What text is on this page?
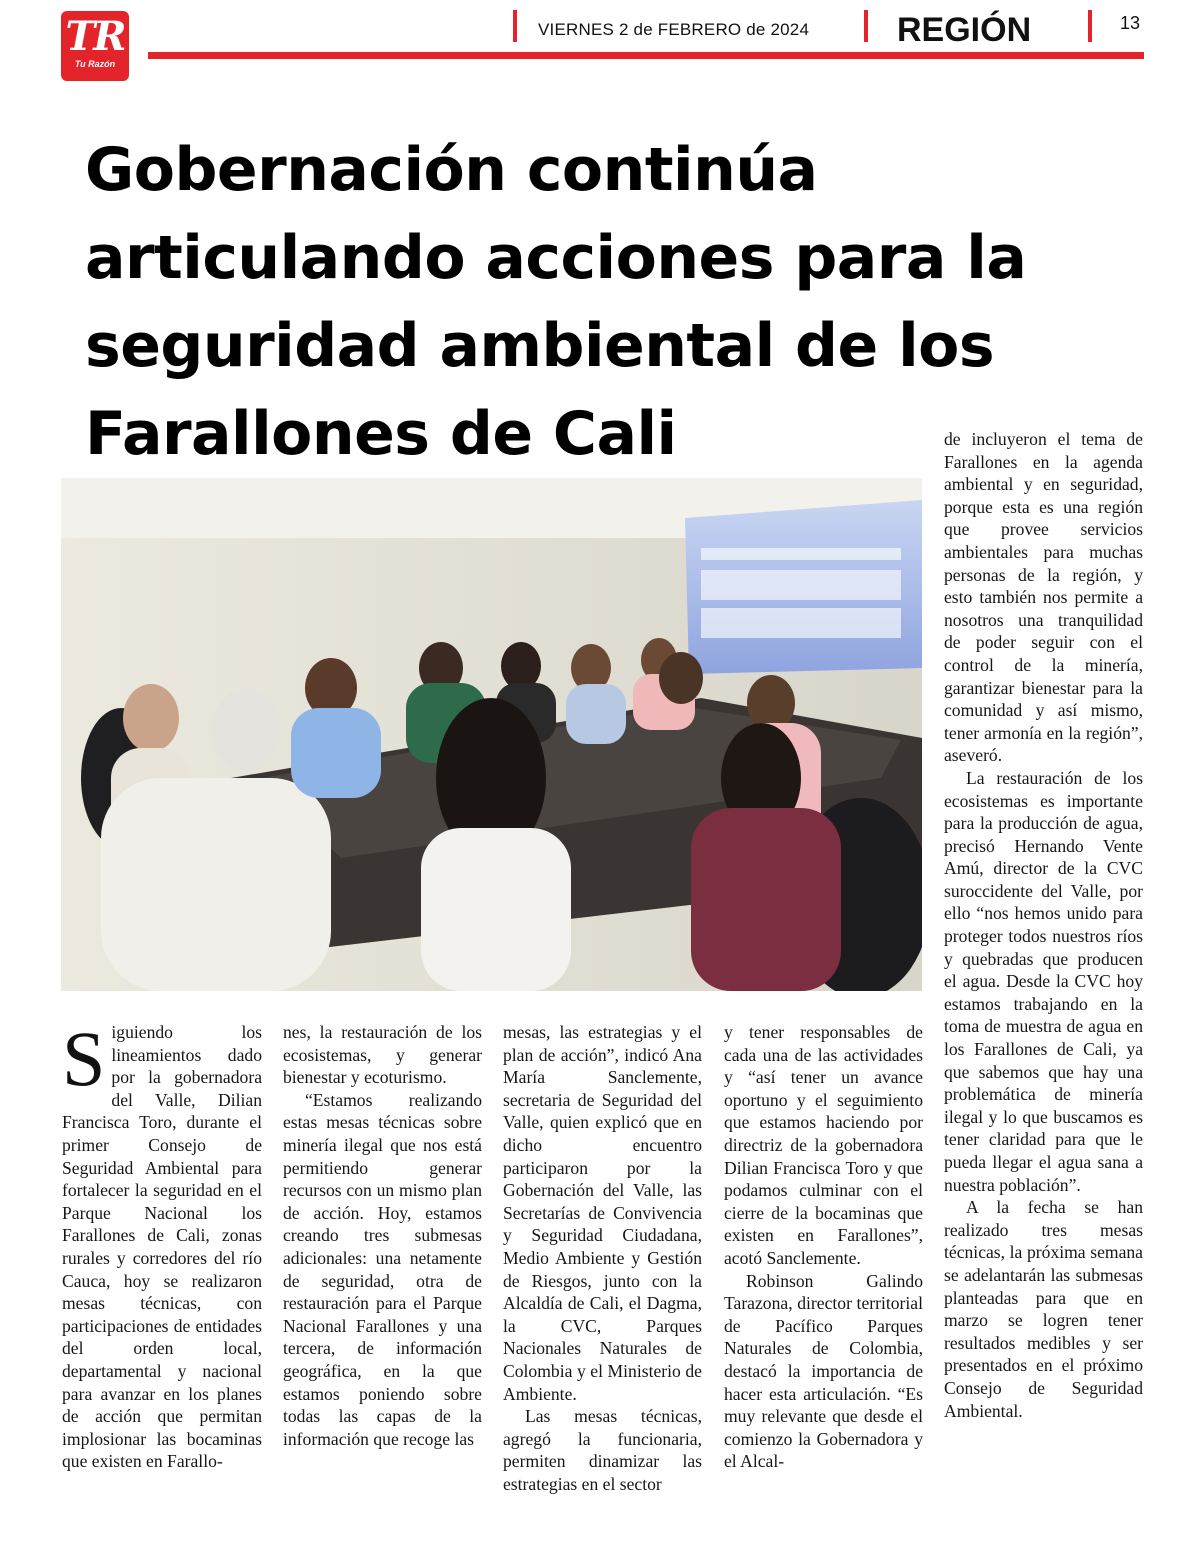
TR
Tu Razón
VIERNES 2 de FEBRERO de 2024	REGIÓN	13
Gobernación continúa articulando acciones para la seguridad ambiental de los Farallones de Cali

Siguiendo los lineamientos dado por la gobernadora del Valle, Dilian Francisca Toro, durante el primer Consejo de Seguridad Ambiental para fortalecer la seguridad en el Parque Nacional los Farallones de Cali, zonas rurales y corredores del río Cauca, hoy se realizaron mesas técnicas, con participaciones de entidades del orden local, departamental y nacional para avanzar en los planes de acción que permitan implosionar las bocaminas que existen en Farallo-

nes, la restauración de los ecosistemas, y generar bienestar y ecoturismo.

“Estamos realizando estas mesas técnicas sobre minería ilegal que nos está permitiendo generar recursos con un mismo plan de acción. Hoy, estamos creando tres submesas adicionales: una netamente de seguridad, otra de restauración para el Parque Nacional Farallones y una tercera, de información geográfica, en la que estamos poniendo sobre todas las capas de la información que recoge las

mesas, las estrategias y el plan de acción”, indicó Ana María Sanclemente, secretaria de Seguridad del Valle, quien explicó que en dicho encuentro participaron por la Gobernación del Valle, las Secretarías de Convivencia y Seguridad Ciudadana, Medio Ambiente y Gestión de Riesgos, junto con la Alcaldía de Cali, el Dagma, la CVC, Parques Nacionales Naturales de Colombia y el Ministerio de Ambiente.

Las mesas técnicas, agregó la funcionaria, permiten dinamizar las estrategias en el sector

y tener responsables de cada una de las actividades y “así tener un avance oportuno y el seguimiento que estamos haciendo por directriz de la gobernadora Dilian Francisca Toro y que podamos culminar con el cierre de la bocaminas que existen en Farallones”, acotó Sanclemente.

Robinson Galindo Tarazona, director territorial de Pacífico Parques Naturales de Colombia, destacó la importancia de hacer esta articulación. “Es muy relevante que desde el comienzo la Gobernadora y el Alcal-

de incluyeron el tema de Farallones en la agenda ambiental y en seguridad, porque esta es una región que provee servicios ambientales para muchas personas de la región, y esto también nos permite a nosotros una tranquilidad de poder seguir con el control de la minería, garantizar bienestar para la comunidad y así mismo, tener armonía en la región”, aseveró.

La restauración de los ecosistemas es importante para la producción de agua, precisó Hernando Vente Amú, director de la CVC suroccidente del Valle, por ello “nos hemos unido para proteger todos nuestros ríos y quebradas que producen el agua. Desde la CVC hoy estamos trabajando en la toma de muestra de agua en los Farallones de Cali, ya que sabemos que hay una problemática de minería ilegal y lo que buscamos es tener claridad para que le pueda llegar el agua sana a nuestra población”.

A la fecha se han realizado tres mesas técnicas, la próxima semana se adelantarán las submesas planteadas para que en marzo se logren tener resultados medibles y ser presentados en el próximo Consejo de Seguridad Ambiental.
